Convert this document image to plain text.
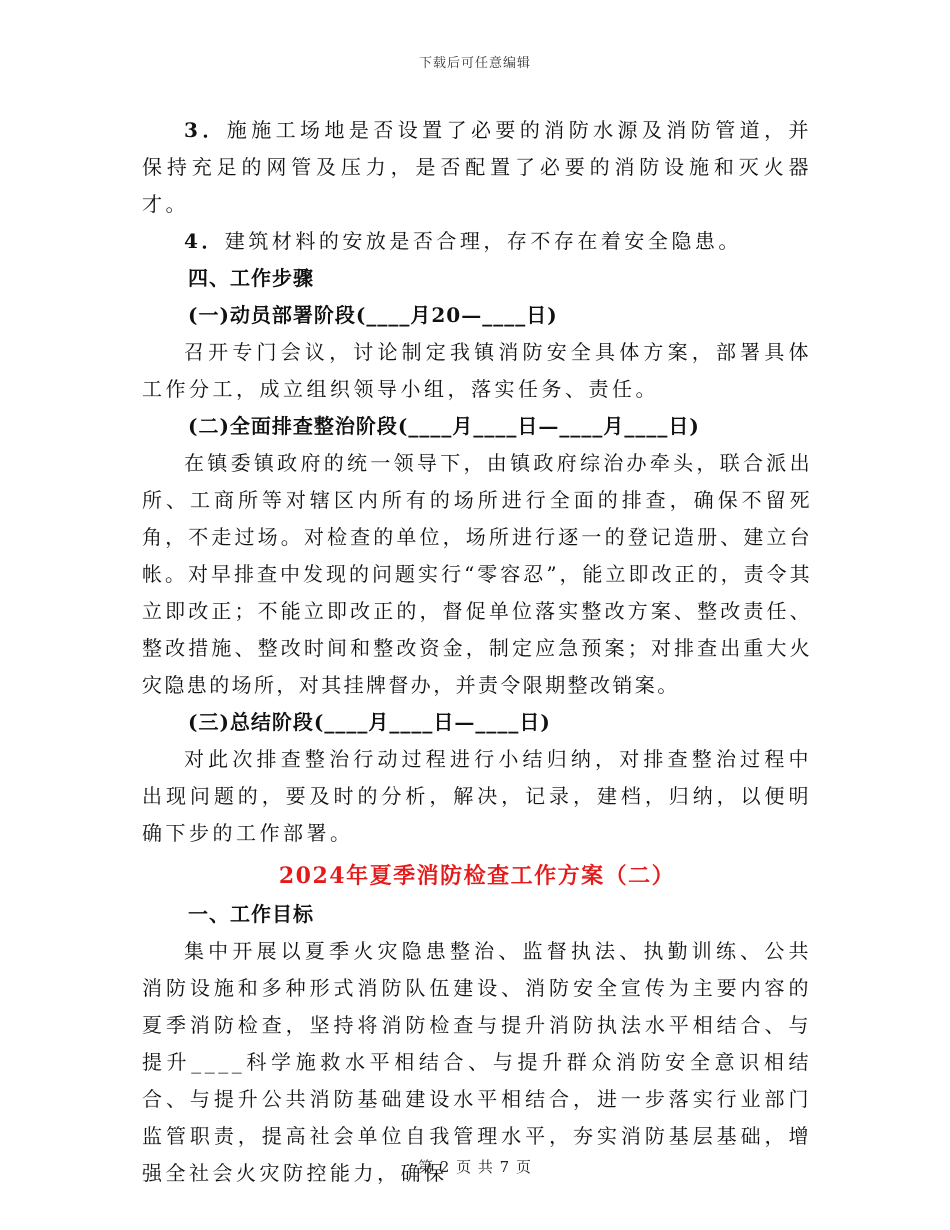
下载后可任意编辑

3．施施工场地是否设置了必要的消防水源及消防管道，并保持充足的网管及压力，是否配置了必要的消防设施和灭火器才。

4．建筑材料的安放是否合理，存不存在着安全隐患。

四、工作步骤

(一)动员部署阶段(____月20—____日)

召开专门会议，讨论制定我镇消防安全具体方案，部署具体工作分工，成立组织领导小组，落实任务、责任。

(二)全面排查整治阶段(____月____日—____月____日)

在镇委镇政府的统一领导下，由镇政府综治办牵头，联合派出所、工商所等对辖区内所有的场所进行全面的排查，确保不留死角，不走过场。对检查的单位，场所进行逐一的登记造册、建立台帐。对早排查中发现的问题实行“零容忍”，能立即改正的，责令其立即改正；不能立即改正的，督促单位落实整改方案、整改责任、整改措施、整改时间和整改资金，制定应急预案；对排查出重大火灾隐患的场所，对其挂牌督办，并责令限期整改销案。

(三)总结阶段(____月____日—____日)

对此次排查整治行动过程进行小结归纳，对排查整治过程中出现问题的，要及时的分析，解决，记录，建档，归纳，以便明确下步的工作部署。

2024年夏季消防检查工作方案（二）

一、工作目标

集中开展以夏季火灾隐患整治、监督执法、执勤训练、公共消防设施和多种形式消防队伍建设、消防安全宣传为主要内容的夏季消防检查，坚持将消防检查与提升消防执法水平相结合、与提升____科学施救水平相结合、与提升群众消防安全意识相结合、与提升公共消防基础建设水平相结合，进一步落实行业部门监管职责，提高社会单位自我管理水平，夯实消防基层基础，增强全社会火灾防控能力，确保

第 2 页 共 7 页
